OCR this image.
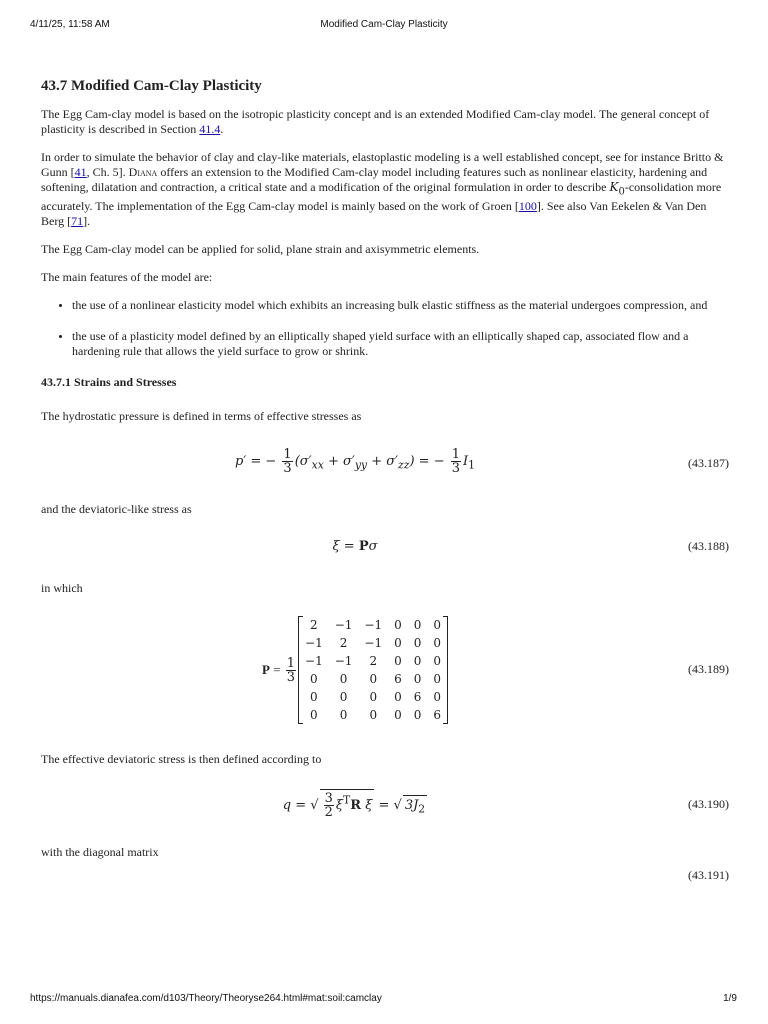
4/11/25, 11:58 AM	Modified Cam-Clay Plasticity
43.7 Modified Cam-Clay Plasticity

The Egg Cam-clay model is based on the isotropic plasticity concept and is an extended Modified Cam-clay model. The general concept of plasticity is described in Section 41.4.

In order to simulate the behavior of clay and clay-like materials, elastoplastic modeling is a well established concept, see for instance Britto & Gunn [41, Ch. 5]. Diana offers an extension to the Modified Cam-clay model including features such as nonlinear elasticity, hardening and softening, dilatation and contraction, a critical state and a modification of the original formulation in order to describe $K_0$-consolidation more accurately. The implementation of the Egg Cam-clay model is mainly based on the work of Groen [100]. See also Van Eekelen & Van Den Berg [71].

The Egg Cam-clay model can be applied for solid, plane strain and axisymmetric elements.

The main features of the model are:

• the use of a nonlinear elasticity model which exhibits an increasing bulk elastic stiffness as the material undergoes compression, and
• the use of a plasticity model defined by an elliptically shaped yield surface with an elliptically shaped cap, associated flow and a hardening rule that allows the yield surface to grow or shrink.
43.7.1 Strains and Stresses

The hydrostatic pressure is defined in terms of effective stresses as

p′ = − $\frac{1}{3} (\sigma'_{xx} + \sigma'_{yy} + \sigma'_{zz})$ = − $\frac{1}{3} I_1$	(43.187)

and the deviatoric-like stress as

ξ = Pσ	(43.188)

in which

$P = \frac{1}{3}$
2	−1	−1	0	0	0
−1	2	−1	0	0	0
−1	−1	2	0	0	0
0	0	0	6	0	0
0	0	0	0	6	0
0	0	0	0	0	6
(43.189)

The effective deviatoric stress is then defined according to

q = √ $\frac{3}{2} \xi^TR$ ξ = √ $3J_2$	(43.190)

with the diagonal matrix

(43.191)
https://manuals.dianafea.com/d103/Theory/Theoryse264.html#mat:soil:camclay	1/9
